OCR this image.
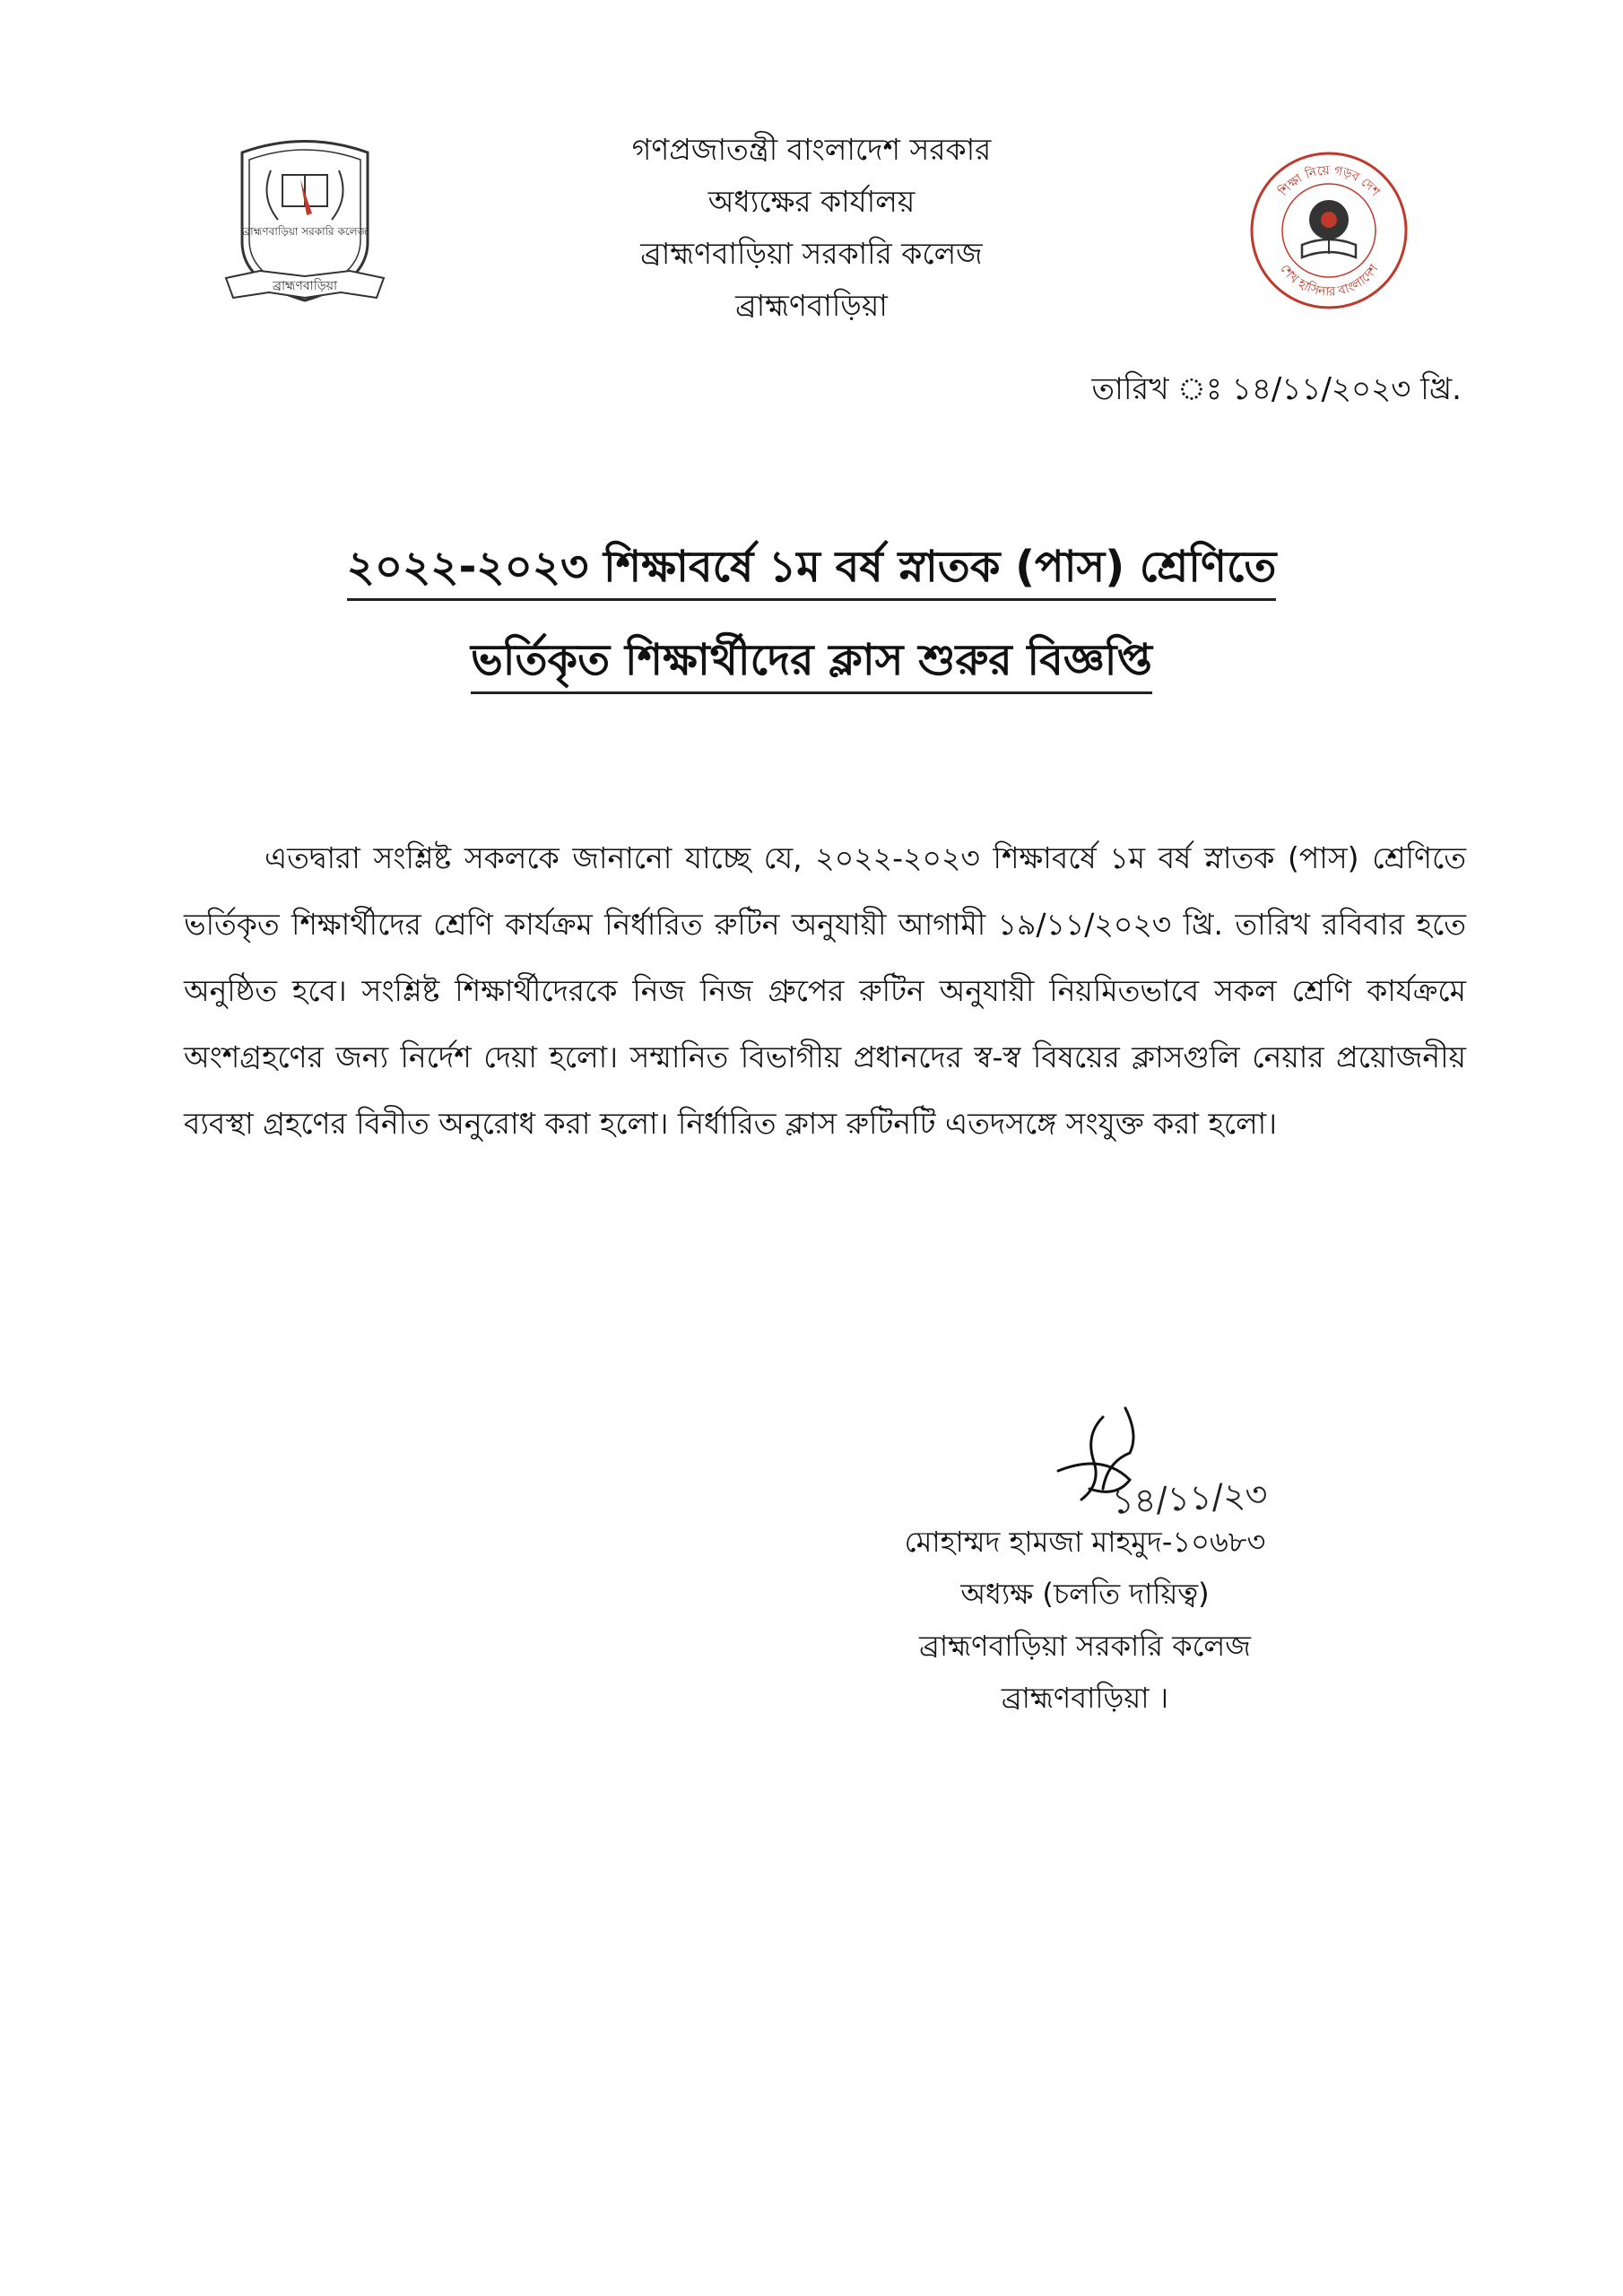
ব্রাহ্মণবাড়িয়া সরকারি কলেজ
ব্রাহ্মণবাড়িয়া
গণপ্রজাতন্ত্রী বাংলাদেশ সরকার
অধ্যক্ষের কার্যালয়
ব্রাহ্মণবাড়িয়া সরকারি কলেজ
ব্রাহ্মণবাড়িয়া
শিক্ষা নিয়ে গড়ব দেশ
শেখ হাসিনার বাংলাদেশ
তারিখ ঃ ১৪/১১/২০২৩ খ্রি.
২০২২-২০২৩ শিক্ষাবর্ষে ১ম বর্ষ স্নাতক (পাস) শ্রেণিতে
ভর্তিকৃত শিক্ষার্থীদের ক্লাস শুরুর বিজ্ঞপ্তি
এতদ্বারা সংশ্লিষ্ট সকলকে জানানো যাচ্ছে যে, ২০২২-২০২৩ শিক্ষাবর্ষে ১ম বর্ষ স্নাতক (পাস) শ্রেণিতে ভর্তিকৃত শিক্ষার্থীদের শ্রেণি কার্যক্রম নির্ধারিত রুটিন অনুযায়ী আগামী ১৯/১১/২০২৩ খ্রি. তারিখ রবিবার হতে অনুষ্ঠিত হবে। সংশ্লিষ্ট শিক্ষার্থীদেরকে নিজ নিজ গ্রুপের রুটিন অনুযায়ী নিয়মিতভাবে সকল শ্রেণি কার্যক্রমে অংশগ্রহণের জন্য নির্দেশ দেয়া হলো। সম্মানিত বিভাগীয় প্রধানদের স্ব-স্ব বিষয়ের ক্লাসগুলি নেয়ার প্রয়োজনীয় ব্যবস্থা গ্রহণের বিনীত অনুরোধ করা হলো। নির্ধারিত ক্লাস রুটিনটি এতদসঙ্গে সংযুক্ত করা হলো।
১৪/১১/২৩
মোহাম্মদ হামজা মাহমুদ-১০৬৮৩
অধ্যক্ষ (চলতি দায়িত্ব)
ব্রাহ্মণবাড়িয়া সরকারি কলেজ
ব্রাহ্মণবাড়িয়া ।
